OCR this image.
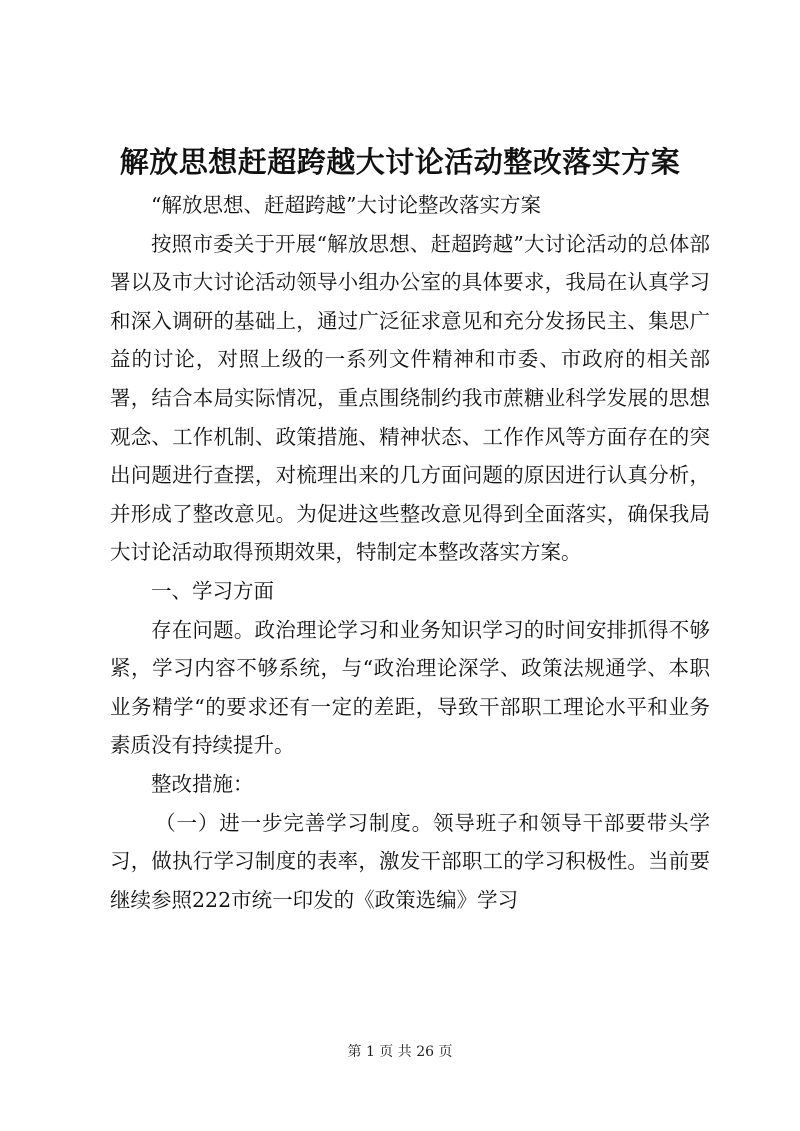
解放思想赶超跨越大讨论活动整改落实方案

“解放思想、赶超跨越”大讨论整改落实方案

按照市委关于开展“解放思想、赶超跨越”大讨论活动的总体部署以及市大讨论活动领导小组办公室的具体要求，我局在认真学习和深入调研的基础上，通过广泛征求意见和充分发扬民主、集思广益的讨论，对照上级的一系列文件精神和市委、市政府的相关部署，结合本局实际情况，重点围绕制约我市蔗糖业科学发展的思想观念、工作机制、政策措施、精神状态、工作作风等方面存在的突出问题进行查摆，对梳理出来的几方面问题的原因进行认真分析，并形成了整改意见。为促进这些整改意见得到全面落实，确保我局大讨论活动取得预期效果，特制定本整改落实方案。

一、学习方面

存在问题。政治理论学习和业务知识学习的时间安排抓得不够紧，学习内容不够系统，与“政治理论深学、政策法规通学、本职业务精学“的要求还有一定的差距，导致干部职工理论水平和业务素质没有持续提升。

整改措施：

（一）进一步完善学习制度。领导班子和领导干部要带头学习，做执行学习制度的表率，激发干部职工的学习积极性。当前要继续参照222市统一印发的《政策选编》学习

第 1 页 共 26 页
